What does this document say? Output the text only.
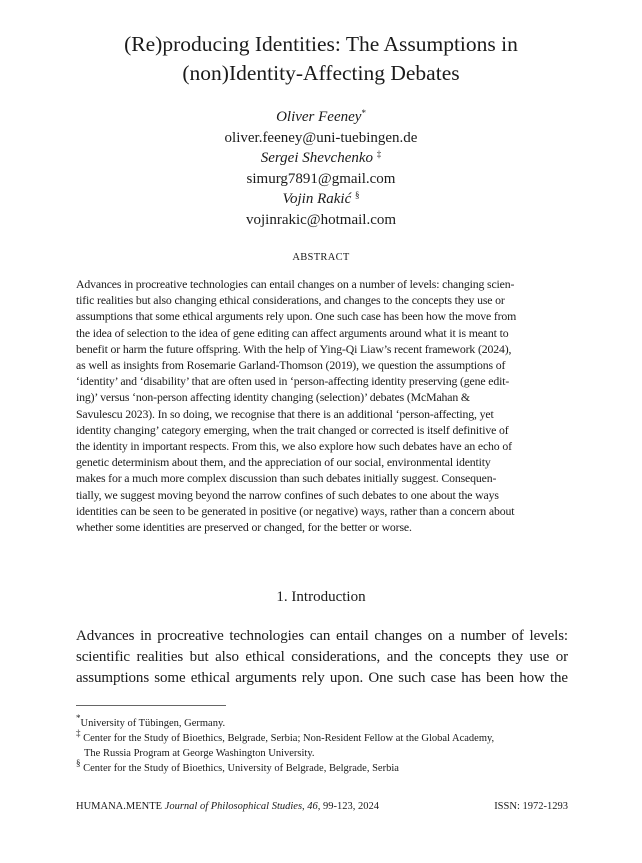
(Re)producing Identities: The Assumptions in
(non)Identity-Affecting Debates
Oliver Feeney*
oliver.feeney@uni-tuebingen.de
Sergei Shevchenko ‡
simurg7891@gmail.com
Vojin Rakić §
vojinrakic@hotmail.com
ABSTRACT
Advances in procreative technologies can entail changes on a number of levels: changing scien-
tific realities but also changing ethical considerations, and changes to the concepts they use or
assumptions that some ethical arguments rely upon. One such case has been how the move from
the idea of selection to the idea of gene editing can affect arguments around what it is meant to
benefit or harm the future offspring. With the help of Ying-Qi Liaw’s recent framework (2024),
as well as insights from Rosemarie Garland-Thomson (2019), we question the assumptions of
‘identity’ and ‘disability’ that are often used in ‘person-affecting identity preserving (gene edit-
ing)’ versus ‘non-person affecting identity changing (selection)’ debates (McMahan &
Savulescu 2023). In so doing, we recognise that there is an additional ‘person-affecting, yet
identity changing’ category emerging, when the trait changed or corrected is itself definitive of
the identity in important respects. From this, we also explore how such debates have an echo of
genetic determinism about them, and the appreciation of our social, environmental identity
makes for a much more complex discussion than such debates initially suggest. Consequen-
tially, we suggest moving beyond the narrow confines of such debates to one about the ways
identities can be seen to be generated in positive (or negative) ways, rather than a concern about
whether some identities are preserved or changed, for the better or worse.
1. Introduction
Advances in procreative technologies can entail changes on a number of levels:
scientific realities but also ethical considerations, and the concepts they use or
assumptions some ethical arguments rely upon. One such case has been how the
*University of Tübingen, Germany.
‡ Center for the Study of Bioethics, Belgrade, Serbia; Non-Resident Fellow at the Global Academy,
The Russia Program at George Washington University.
§ Center for the Study of Bioethics, University of Belgrade, Belgrade, Serbia
HUMANA.MENTE Journal of Philosophical Studies, 46, 99-123, 2024	ISSN: 1972-1293
